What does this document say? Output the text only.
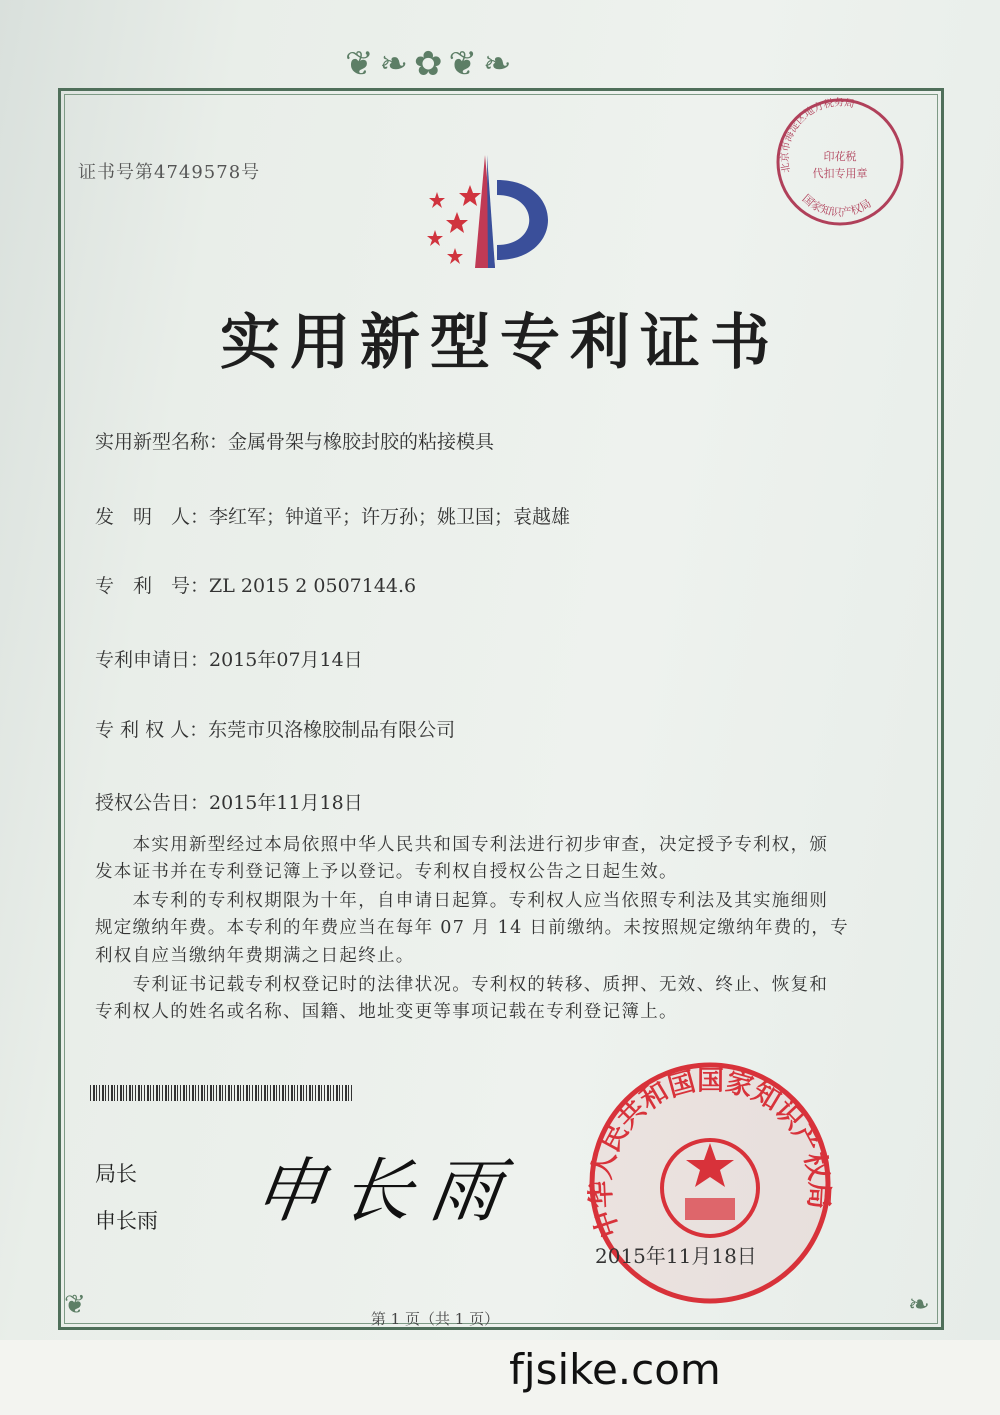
❦❧✿❦❧
❦	❧
证书号第4749578号	北京市海淀区地方税务局
国家知识产权局
印花税
代扣专用章
实用新型专利证书
实用新型名称：金属骨架与橡胶封胶的粘接模具
发　明　人：李红军；钟道平；许万孙；姚卫国；袁越雄
专　利　号：ZL 2015 2 0507144.6
专利申请日：2015年07月14日
专 利 权 人：东莞市贝洛橡胶制品有限公司
授权公告日：2015年11月18日
　　本实用新型经过本局依照中华人民共和国专利法进行初步审查，决定授予专利权，颁
发本证书并在专利登记簿上予以登记。专利权自授权公告之日起生效。
　　本专利的专利权期限为十年，自申请日起算。专利权人应当依照专利法及其实施细则
规定缴纳年费。本专利的年费应当在每年 07 月 14 日前缴纳。未按照规定缴纳年费的，专
利权自应当缴纳年费期满之日起终止。
　　专利证书记载专利权登记时的法律状况。专利权的转移、质押、无效、终止、恢复和
专利权人的姓名或名称、国籍、地址变更等事项记载在专利登记簿上。
局长
申长雨 申长雨 中华人民共和国国家知识产权局
2015年11月18日
第 1 页（共 1 页）
fjsike.com
